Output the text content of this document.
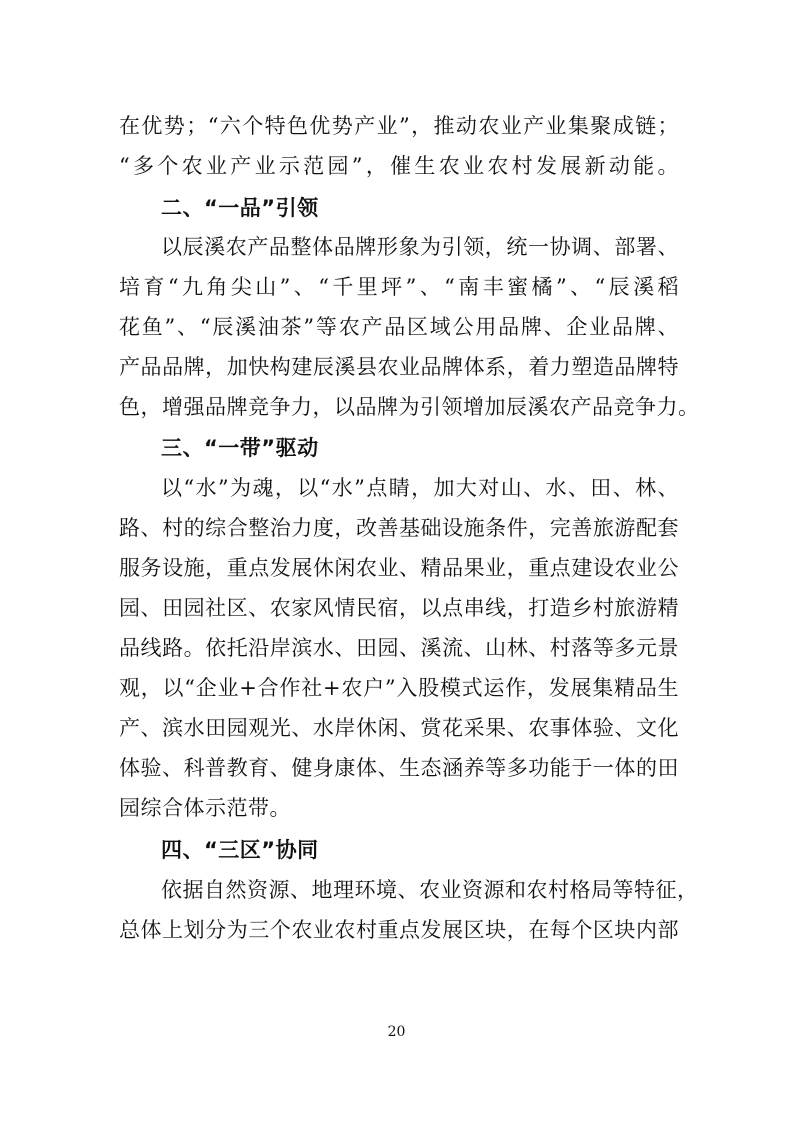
在优势；“六个特色优势产业”，推动农业产业集聚成链；
“多个农业产业示范园”，催生农业农村发展新动能。
二、“一品”引领
以辰溪农产品整体品牌形象为引领，统一协调、部署、
培育“九角尖山”、“千里坪”、“南丰蜜橘”、“辰溪稻
花鱼”、“辰溪油茶”等农产品区域公用品牌、企业品牌、
产品品牌，加快构建辰溪县农业品牌体系，着力塑造品牌特
色，增强品牌竞争力，以品牌为引领增加辰溪农产品竞争力。
三、“一带”驱动
以“水”为魂，以“水”点睛，加大对山、水、田、林、
路、村的综合整治力度，改善基础设施条件，完善旅游配套
服务设施，重点发展休闲农业、精品果业，重点建设农业公
园、田园社区、农家风情民宿，以点串线，打造乡村旅游精
品线路。依托沿岸滨水、田园、溪流、山林、村落等多元景
观，以“企业+合作社+农户”入股模式运作，发展集精品生
产、滨水田园观光、水岸休闲、赏花采果、农事体验、文化
体验、科普教育、健身康体、生态涵养等多功能于一体的田
园综合体示范带。
四、“三区”协同
依据自然资源、地理环境、农业资源和农村格局等特征，
总体上划分为三个农业农村重点发展区块，在每个区块内部
20
